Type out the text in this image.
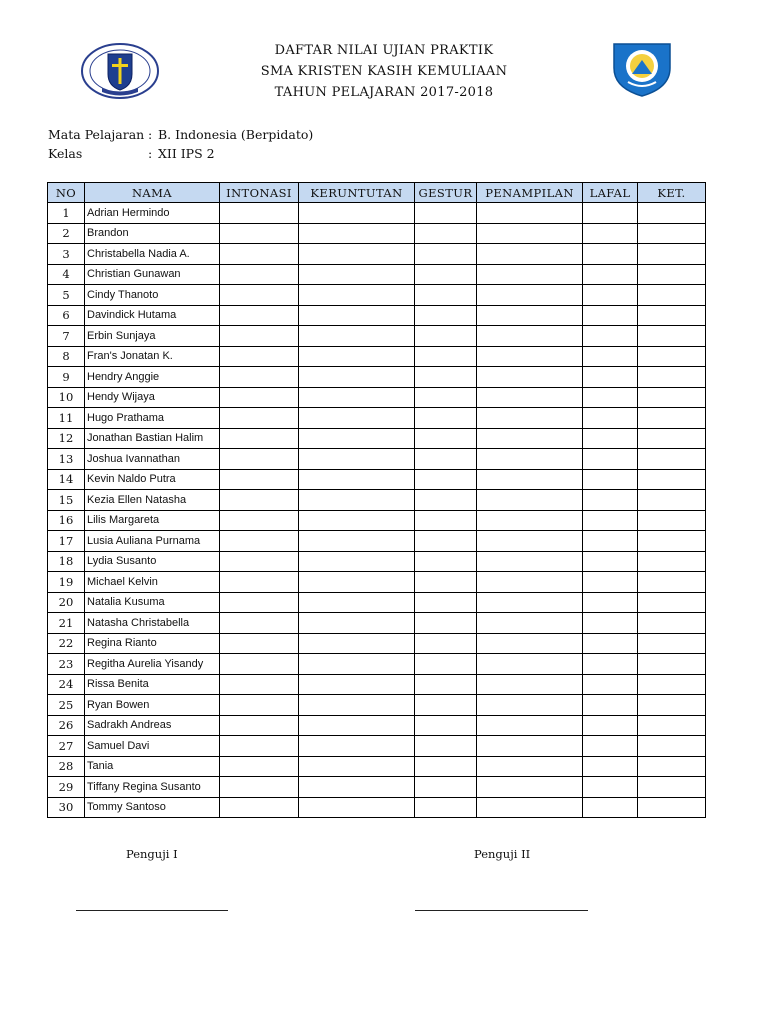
DAFTAR NILAI UJIAN PRAKTIK
SMA KRISTEN KASIH KEMULIAAN
TAHUN PELAJARAN 2017-2018
Mata Pelajaran : B. Indonesia (Berpidato)
Kelas	: XII IPS 2
NO	NAMA	INTONASI	KERUNTUTAN	GESTUR	PENAMPILAN	LAFAL	KET.
1	Adrian Hermindo						
2	Brandon						
3	Christabella Nadia A.						
4	Christian Gunawan						
5	Cindy Thanoto						
6	Davindick Hutama						
7	Erbin Sunjaya						
8	Fran's Jonatan K.						
9	Hendry Anggie						
10	Hendy Wijaya						
11	Hugo Prathama						
12	Jonathan Bastian Halim						
13	Joshua Ivannathan						
14	Kevin Naldo Putra						
15	Kezia Ellen Natasha						
16	Lilis Margareta						
17	Lusia Auliana Purnama						
18	Lydia Susanto						
19	Michael Kelvin						
20	Natalia Kusuma						
21	Natasha Christabella						
22	Regina Rianto						
23	Regitha Aurelia Yisandy						
24	Rissa Benita						
25	Ryan Bowen						
26	Sadrakh Andreas						
27	Samuel Davi						
28	Tania						
29	Tiffany Regina Susanto						
30	Tommy Santoso						
Penguji I	Penguji II
